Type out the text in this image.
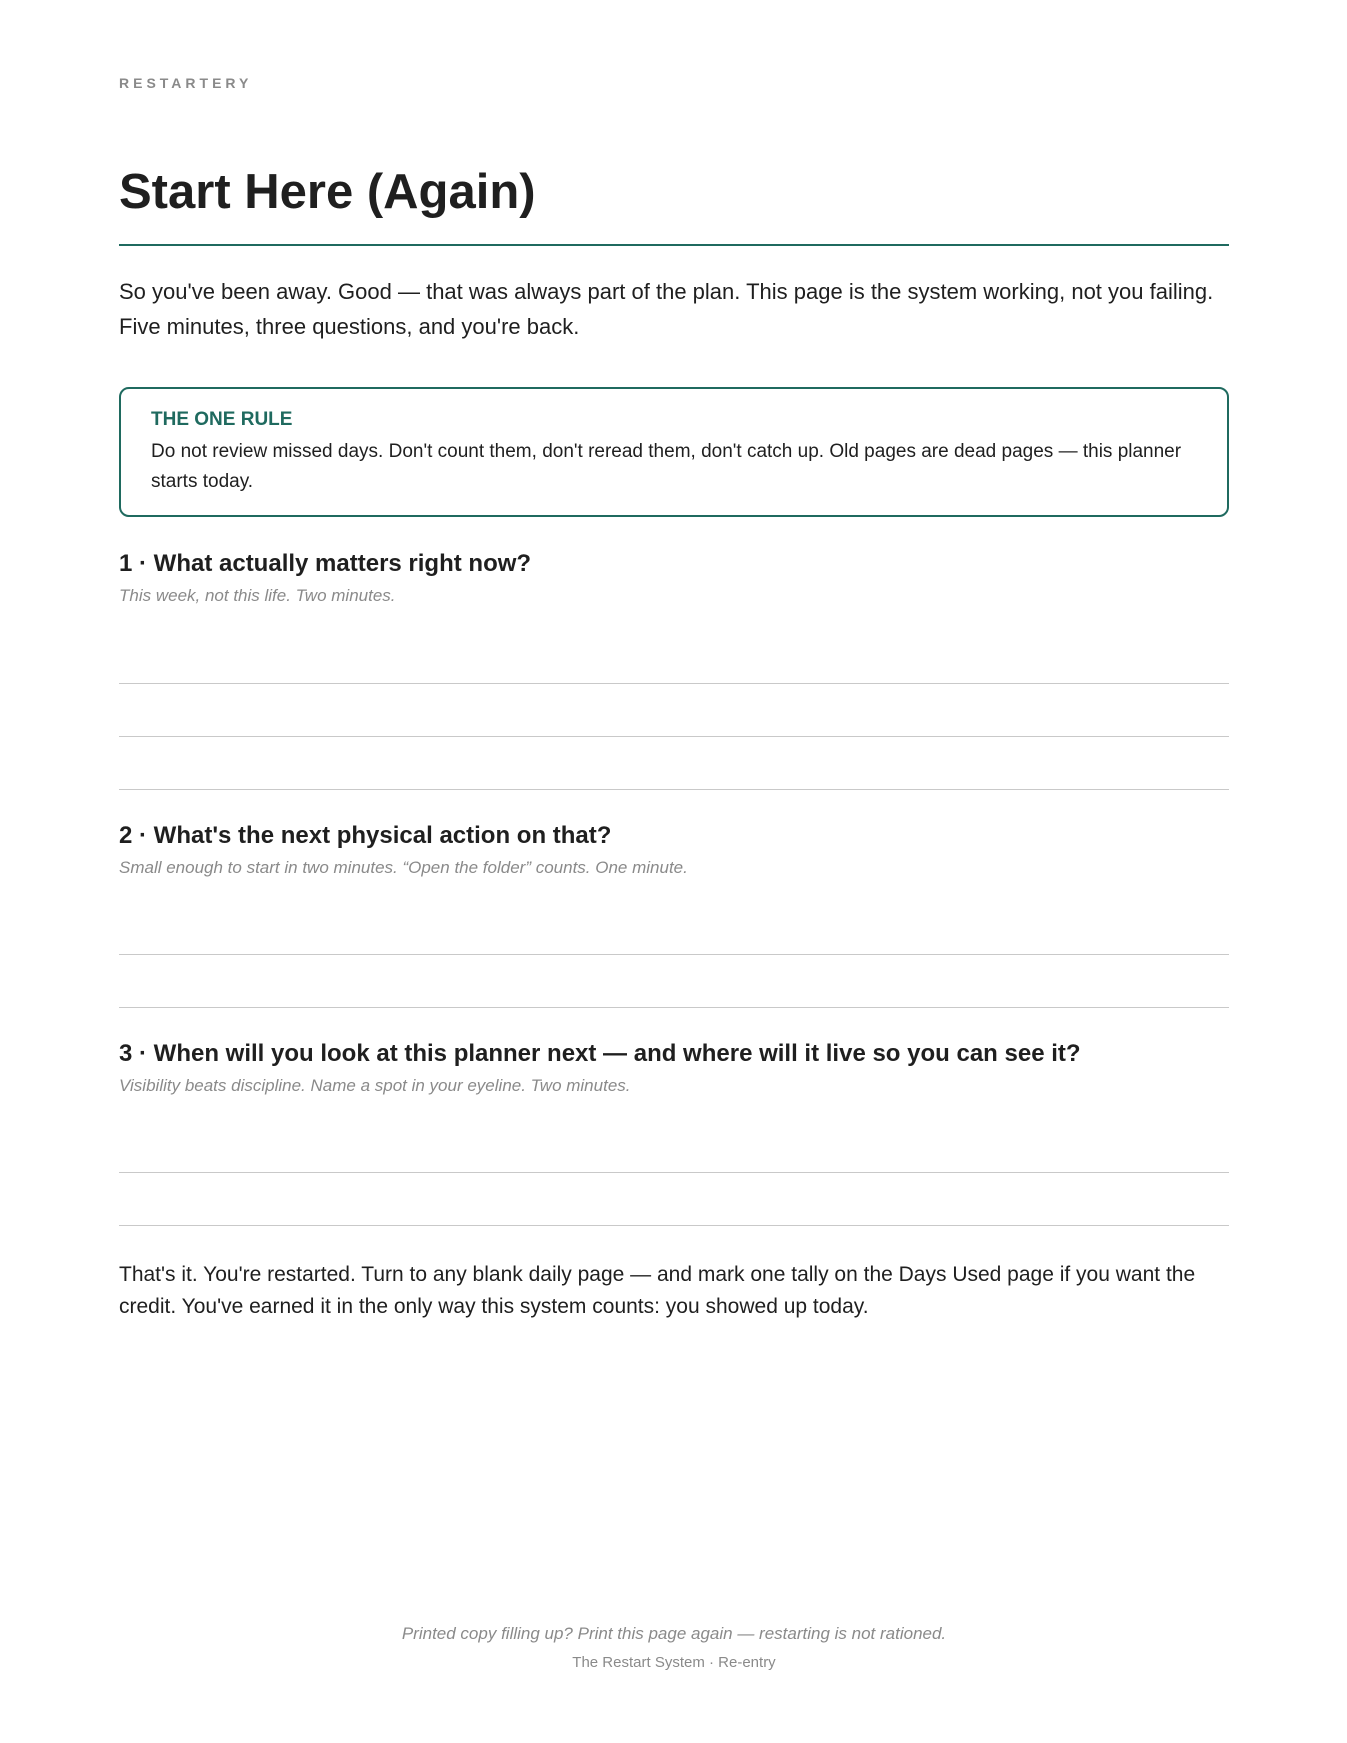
RESTARTERY
Start Here (Again)

So you've been away. Good — that was always part of the plan. This page is the system working, not you failing. Five minutes, three questions, and you're back.

THE ONE RULE

Do not review missed days. Don't count them, don't reread them, don't catch up. Old pages are dead pages — this planner starts today.

1 · What actually matters right now?

This week, not this life. Two minutes.

2 · What's the next physical action on that?

Small enough to start in two minutes. “Open the folder” counts. One minute.

3 · When will you look at this planner next — and where will it live so you can see it?

Visibility beats discipline. Name a spot in your eyeline. Two minutes.

That's it. You're restarted. Turn to any blank daily page — and mark one tally on the Days Used page if you want the credit. You've earned it in the only way this system counts: you showed up today.

Printed copy filling up? Print this page again — restarting is not rationed.
The Restart System · Re-entry
